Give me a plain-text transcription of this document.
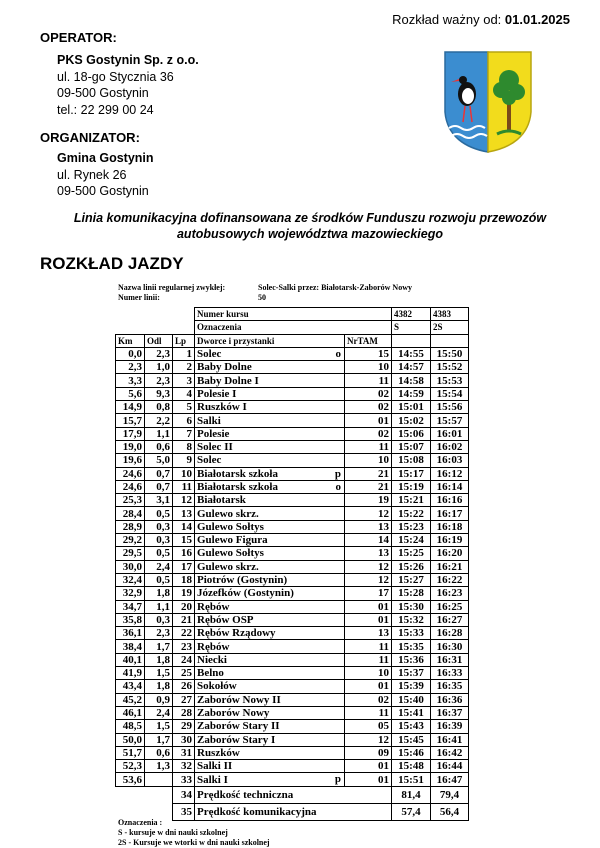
Rozkład ważny od: 01.01.2025
OPERATOR:
PKS Gostynin Sp. z o.o.
ul. 18-go Stycznia 36
09-500 Gostynin
tel.: 22 299 00 24
ORGANIZATOR:
Gmina Gostynin
ul. Rynek 26
09-500 Gostynin
Linia komunikacyjna dofinansowana ze środków Funduszu rozwoju przewozów
autobusowych województwa mazowieckiego
ROZKŁAD JAZDY
Nazwa linii regularnej zwykłej:	Solec-Salki przez: Białotarsk-Zaborów Nowy
Numer linii:	50
			Numer kursu		4382	4383
			Oznaczenia		S	2S
Km	Odl	Lp	Dworce i przystanki	NrTAM		
0,0	2,3	1	Solec o	15	14:55	15:50
2,3	1,0	2	Baby Dolne	10	14:57	15:52
3,3	2,3	3	Baby Dolne I	11	14:58	15:53
5,6	9,3	4	Polesie I	02	14:59	15:54
14,9	0,8	5	Ruszków I	02	15:01	15:56
15,7	2,2	6	Salki	01	15:02	15:57
17,9	1,1	7	Polesie	02	15:06	16:01
19,0	0,6	8	Solec II	11	15:07	16:02
19,6	5,0	9	Solec	10	15:08	16:03
24,6	0,7	10	Białotarsk szkoła p	21	15:17	16:12
24,6	0,7	11	Białotarsk szkoła o	21	15:19	16:14
25,3	3,1	12	Białotarsk	19	15:21	16:16
28,4	0,5	13	Gulewo skrz.	12	15:22	16:17
28,9	0,3	14	Gulewo Sołtys	13	15:23	16:18
29,2	0,3	15	Gulewo Figura	14	15:24	16:19
29,5	0,5	16	Gulewo Sołtys	13	15:25	16:20
30,0	2,4	17	Gulewo skrz.	12	15:26	16:21
32,4	0,5	18	Piotrów (Gostynin)	12	15:27	16:22
32,9	1,8	19	Józefków (Gostynin)	17	15:28	16:23
34,7	1,1	20	Rębów	01	15:30	16:25
35,8	0,3	21	Rębów OSP	01	15:32	16:27
36,1	2,3	22	Rębów Rządowy	13	15:33	16:28
38,4	1,7	23	Rębów	11	15:35	16:30
40,1	1,8	24	Niecki	11	15:36	16:31
41,9	1,5	25	Belno	10	15:37	16:33
43,4	1,8	26	Sokołów	01	15:39	16:35
45,2	0,9	27	Zaborów Nowy II	02	15:40	16:36
46,1	2,4	28	Zaborów Nowy	11	15:41	16:37
48,5	1,5	29	Zaborów Stary II	05	15:43	16:39
50,0	1,7	30	Zaborów Stary I	12	15:45	16:41
51,7	0,6	31	Ruszków	09	15:46	16:42
52,3	1,3	32	Salki II	01	15:48	16:44
53,6		33	Salki I p	01	15:51	16:47
		34	Prędkość techniczna		81,4	79,4
		35	Prędkość komunikacyjna		57,4	56,4
Oznaczenia :
S - kursuje w dni nauki szkolnej
2S - Kursuje we wtorki w dni nauki szkolnej
